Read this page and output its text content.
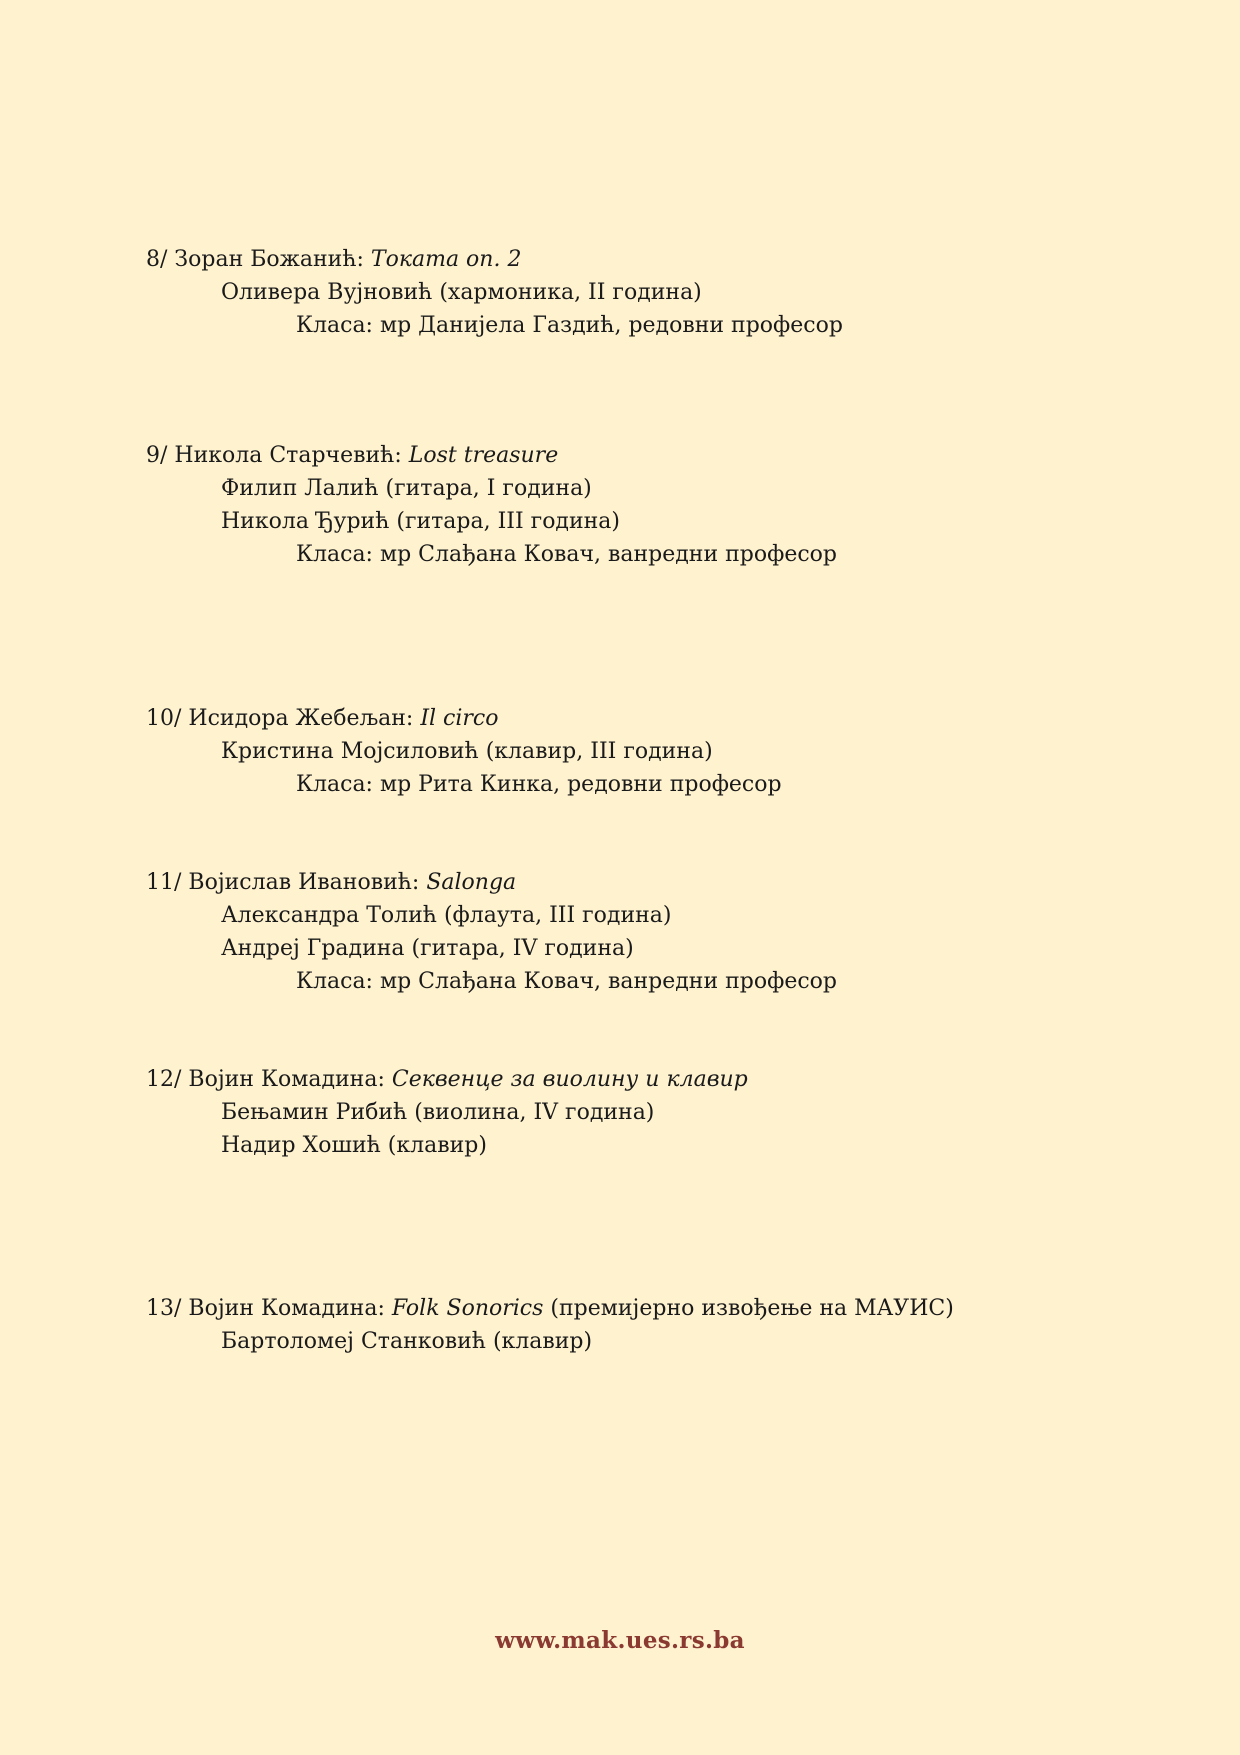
8/ Зоран Божанић: Токата оп. 2
Оливера Вујновић (хармоника, II година)
Класа: мр Данијела Газдић, редовни професор
9/ Никола Старчевић: Lost treasure
Филип Лалић (гитара, I година)
Никола Ђурић (гитара, III година)
Класа: мр Слађана Ковач, ванредни професор
10/ Исидора Жебељан: Il circo
Кристина Мојсиловић (клавир, III година)
Класа: мр Рита Кинка, редовни професор
11/ Војислав Ивановић: Salonga
Александра Толић (флаута, III година)
Андреј Градина (гитара, IV година)
Класа: мр Слађана Ковач, ванредни професор
12/ Војин Комадина: Секвенце за виолину и клавир
Бењамин Рибић (виолина, IV година)
Надир Хошић (клавир)
13/ Војин Комадина: Folk Sonorics (премијерно извођење на МАУИС)
Бартоломеј Станковић (клавир)
www.mak.ues.rs.ba
